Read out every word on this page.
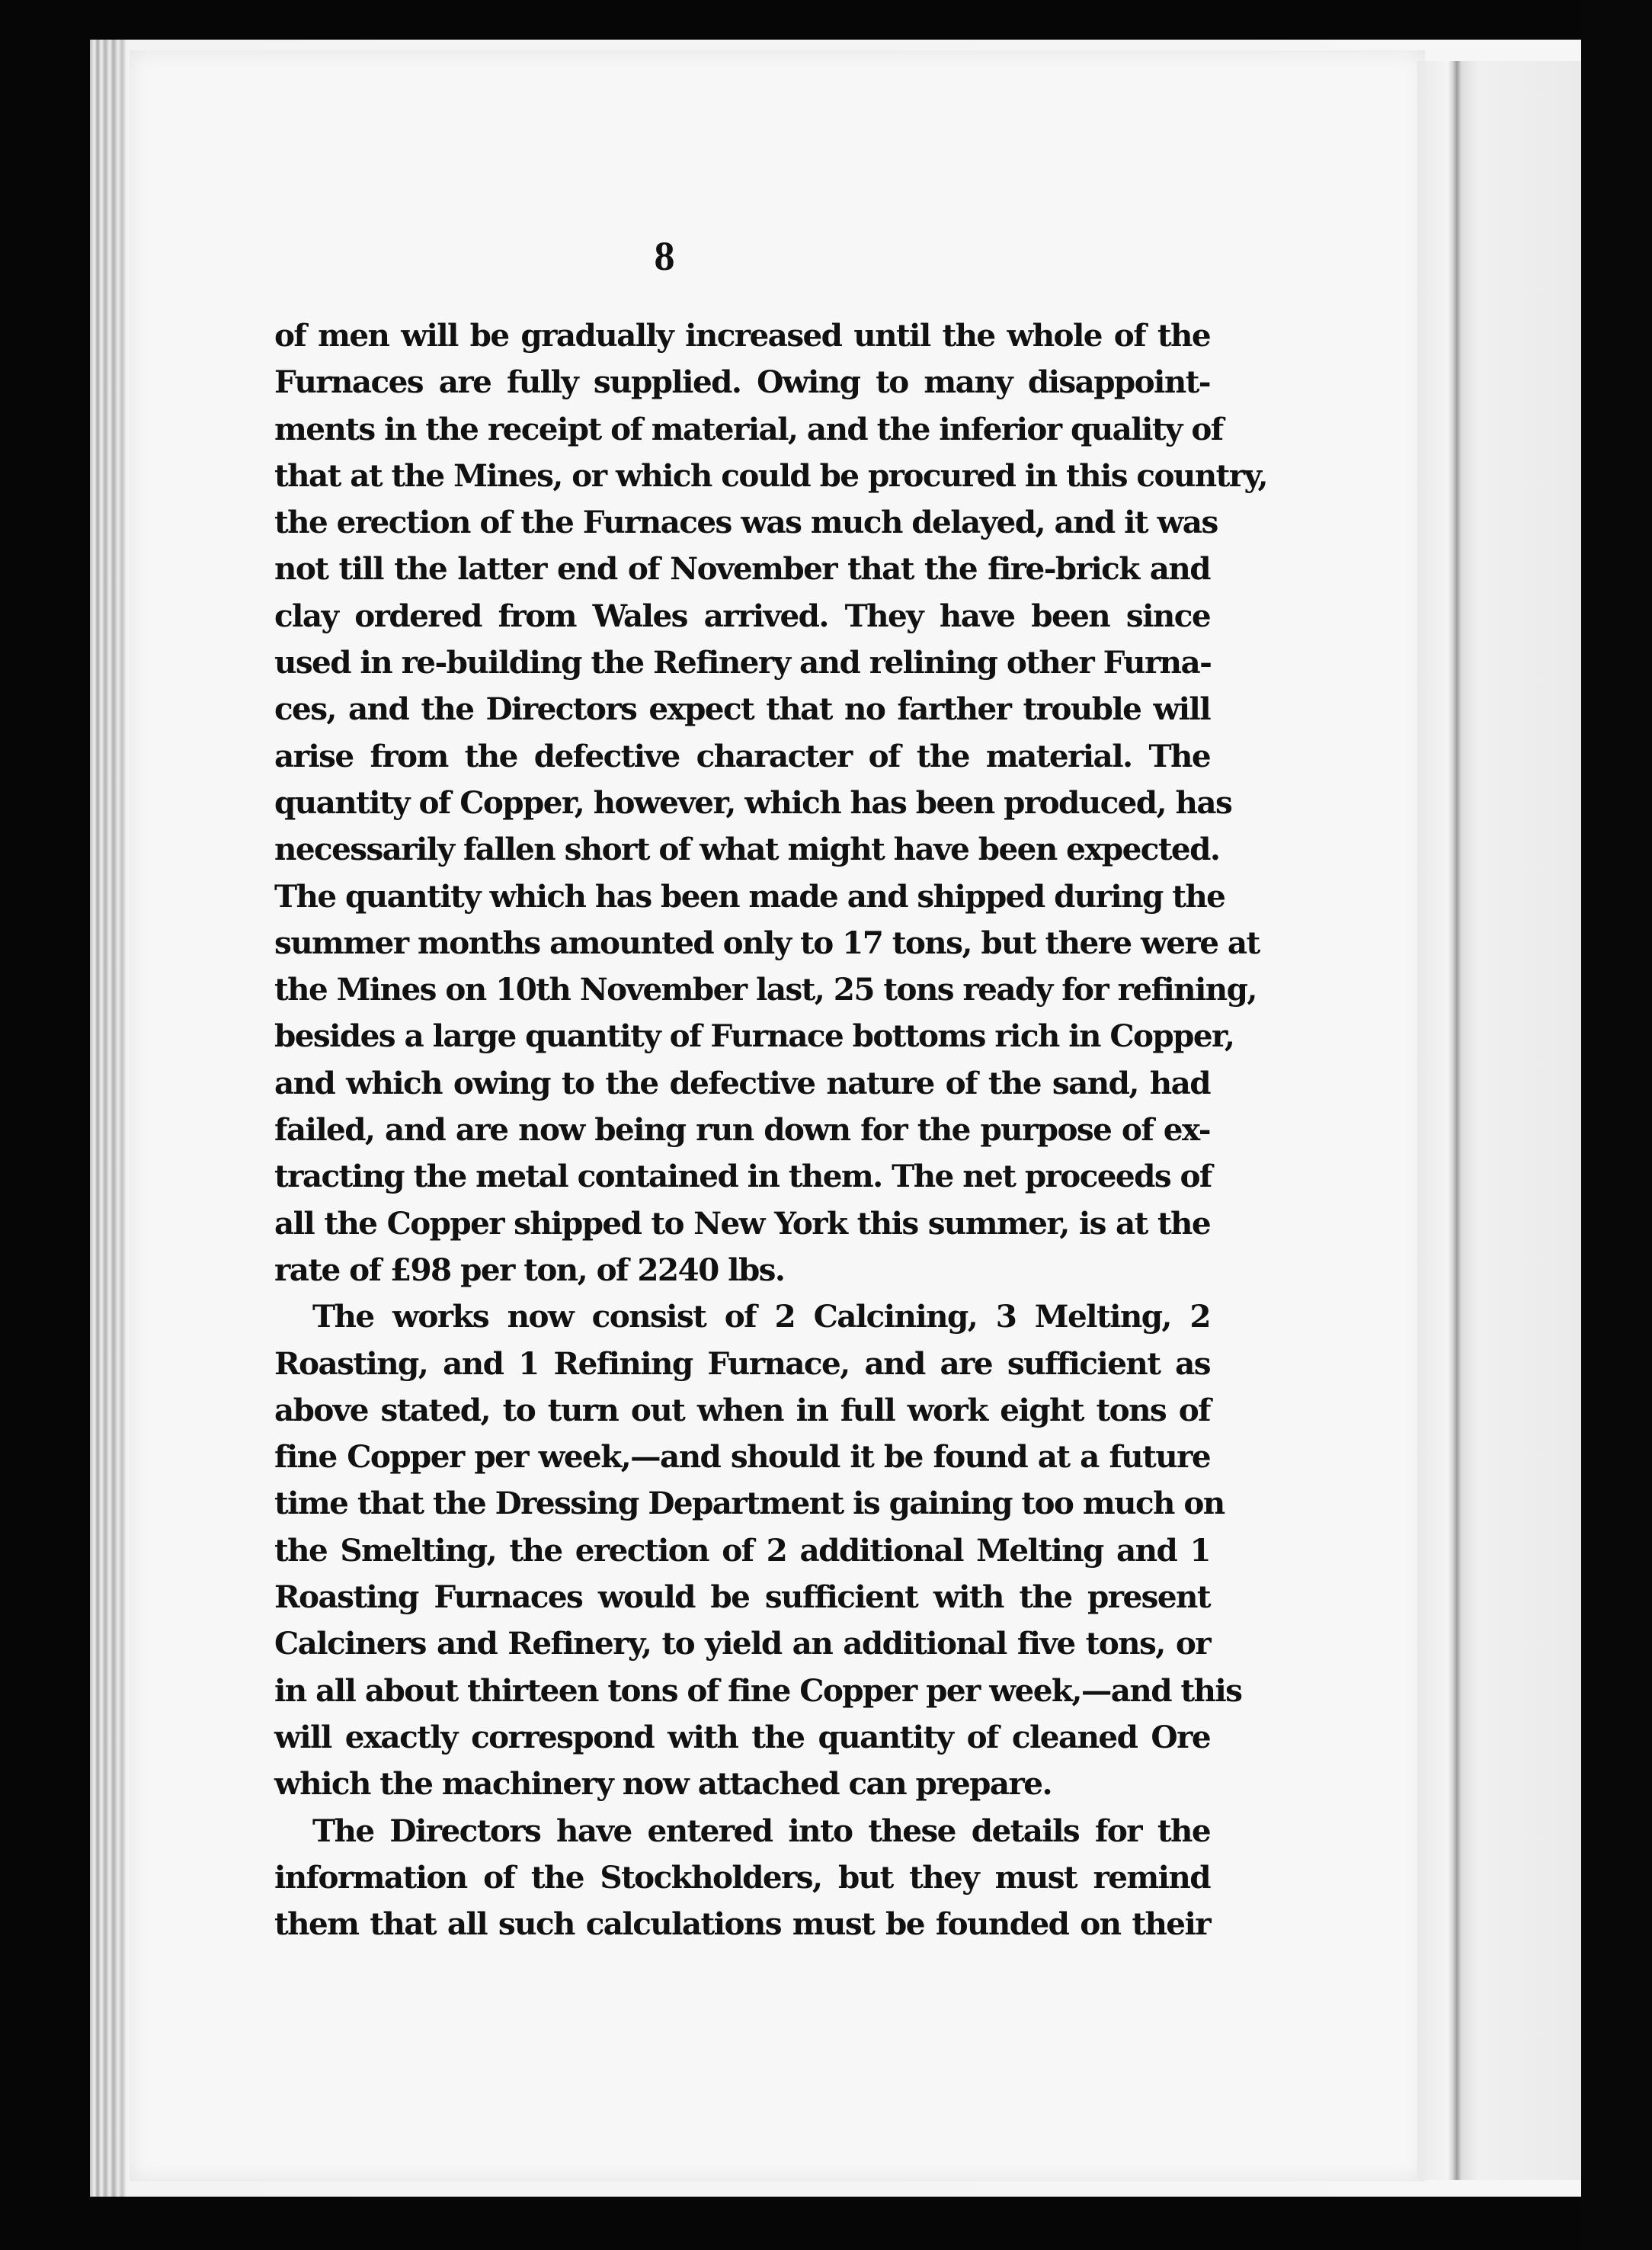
8
of men will be gradually increased until the whole of the
Furnaces are fully supplied. Owing to many disappoint-
ments in the receipt of material, and the inferior quality of
that at the Mines, or which could be procured in this country,
the erection of the Furnaces was much delayed, and it was
not till the latter end of November that the fire-brick and
clay ordered from Wales arrived. They have been since
used in re-building the Refinery and relining other Furna-
ces, and the Directors expect that no farther trouble will
arise from the defective character of the material. The
quantity of Copper, however, which has been produced, has
necessarily fallen short of what might have been expected.
The quantity which has been made and shipped during the
summer months amounted only to 17 tons, but there were at
the Mines on 10th November last, 25 tons ready for refining,
besides a large quantity of Furnace bottoms rich in Copper,
and which owing to the defective nature of the sand, had
failed, and are now being run down for the purpose of ex-
tracting the metal contained in them. The net proceeds of
all the Copper shipped to New York this summer, is at the
rate of £98 per ton, of 2240 lbs.
The works now consist of 2 Calcining, 3 Melting, 2
Roasting, and 1 Refining Furnace, and are sufficient as
above stated, to turn out when in full work eight tons of
fine Copper per week,—and should it be found at a future
time that the Dressing Department is gaining too much on
the Smelting, the erection of 2 additional Melting and 1
Roasting Furnaces would be sufficient with the present
Calciners and Refinery, to yield an additional five tons, or
in all about thirteen tons of fine Copper per week,—and this
will exactly correspond with the quantity of cleaned Ore
which the machinery now attached can prepare.
The Directors have entered into these details for the
information of the Stockholders, but they must remind
them that all such calculations must be founded on their
